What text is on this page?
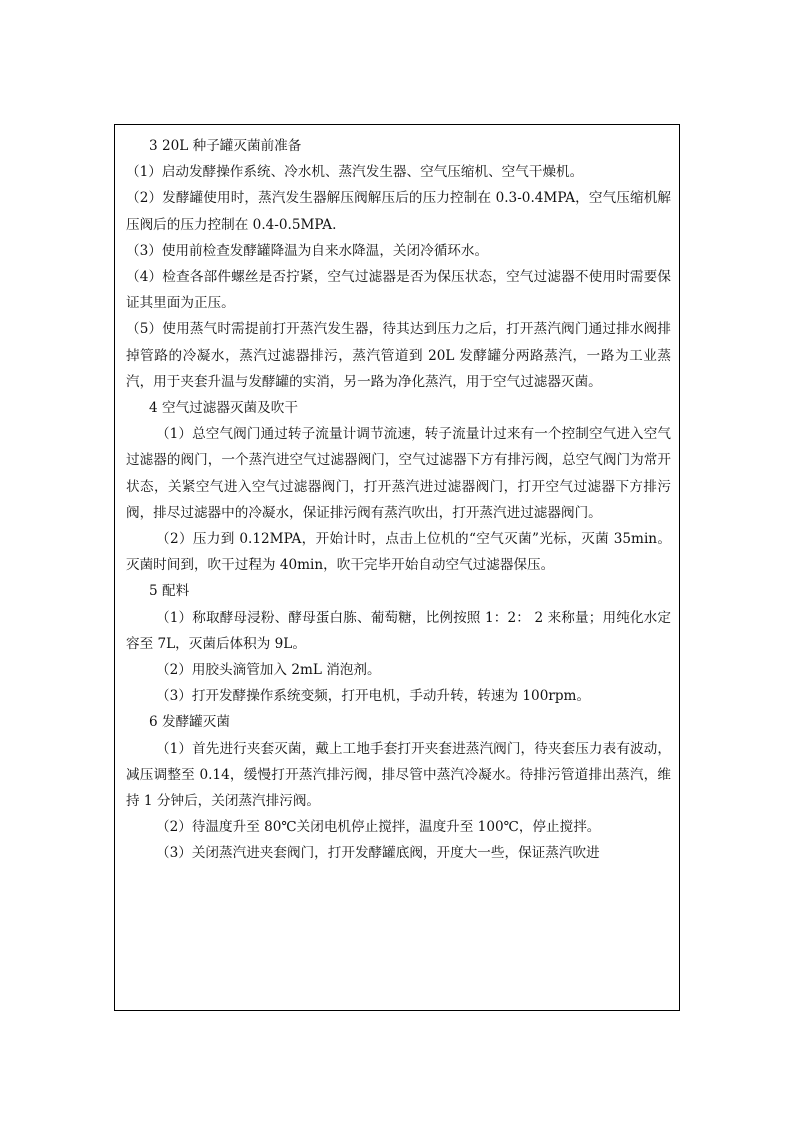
3 20L 种子罐灭菌前准备

（1）启动发酵操作系统、冷水机、蒸汽发生器、空气压缩机、空气干燥机。

（2）发酵罐使用时，蒸汽发生器解压阀解压后的压力控制在 0.3-0.4MPA，空气压缩机解压阀后的压力控制在 0.4-0.5MPA.

（3）使用前检查发酵罐降温为自来水降温，关闭冷循环水。

（4）检查各部件螺丝是否拧紧，空气过滤器是否为保压状态，空气过滤器不使用时需要保证其里面为正压。

（5）使用蒸气时需提前打开蒸汽发生器，待其达到压力之后，打开蒸汽阀门通过排水阀排掉管路的冷凝水，蒸汽过滤器排污，蒸汽管道到 20L 发酵罐分两路蒸汽，一路为工业蒸汽，用于夹套升温与发酵罐的实消，另一路为净化蒸汽，用于空气过滤器灭菌。

4 空气过滤器灭菌及吹干

（1）总空气阀门通过转子流量计调节流速，转子流量计过来有一个控制空气进入空气过滤器的阀门，一个蒸汽进空气过滤器阀门，空气过滤器下方有排污阀，总空气阀门为常开状态，关紧空气进入空气过滤器阀门，打开蒸汽进过滤器阀门，打开空气过滤器下方排污阀，排尽过滤器中的冷凝水，保证排污阀有蒸汽吹出，打开蒸汽进过滤器阀门。

（2）压力到 0.12MPA，开始计时，点击上位机的“空气灭菌”光标，灭菌 35min。灭菌时间到，吹干过程为 40min，吹干完毕开始自动空气过滤器保压。

5 配料

（1）称取酵母浸粉、酵母蛋白胨、葡萄糖，比例按照 1：2： 2 来称量；用纯化水定容至 7L，灭菌后体积为 9L。

（2）用胶头滴管加入 2mL 消泡剂。

（3）打开发酵操作系统变频，打开电机，手动升转，转速为 100rpm。

6 发酵罐灭菌

（1）首先进行夹套灭菌，戴上工地手套打开夹套进蒸汽阀门，待夹套压力表有波动，减压调整至 0.14，缓慢打开蒸汽排污阀，排尽管中蒸汽冷凝水。待排污管道排出蒸汽，维持 1 分钟后，关闭蒸汽排污阀。

（2）待温度升至 80℃关闭电机停止搅拌，温度升至 100℃，停止搅拌。

（3）关闭蒸汽进夹套阀门，打开发酵罐底阀，开度大一些，保证蒸汽吹进
